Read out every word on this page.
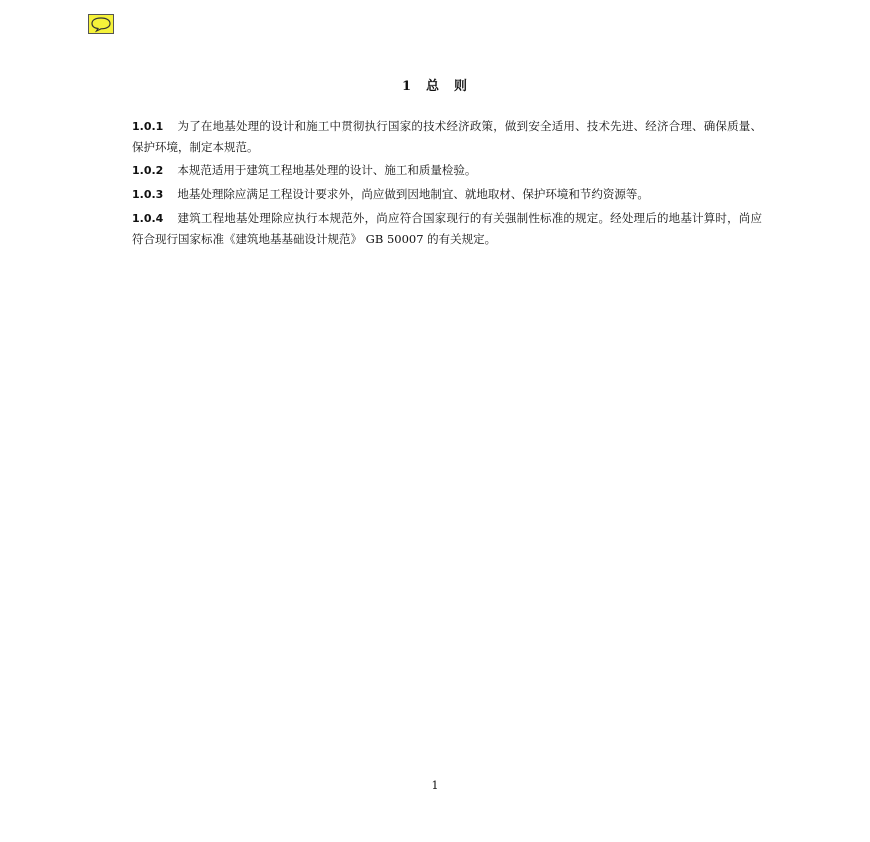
1 总 则

1.0.1 为了在地基处理的设计和施工中贯彻执行国家的技术经济政策，做到安全适用、技术先进、经济合理、确保质量、保护环境，制定本规范。

1.0.2 本规范适用于建筑工程地基处理的设计、施工和质量检验。

1.0.3 地基处理除应满足工程设计要求外，尚应做到因地制宜、就地取材、保护环境和节约资源等。

1.0.4 建筑工程地基处理除应执行本规范外，尚应符合国家现行的有关强制性标准的规定。经处理后的地基计算时，尚应符合现行国家标准《建筑地基基础设计规范》 GB 50007 的有关规定。

1
